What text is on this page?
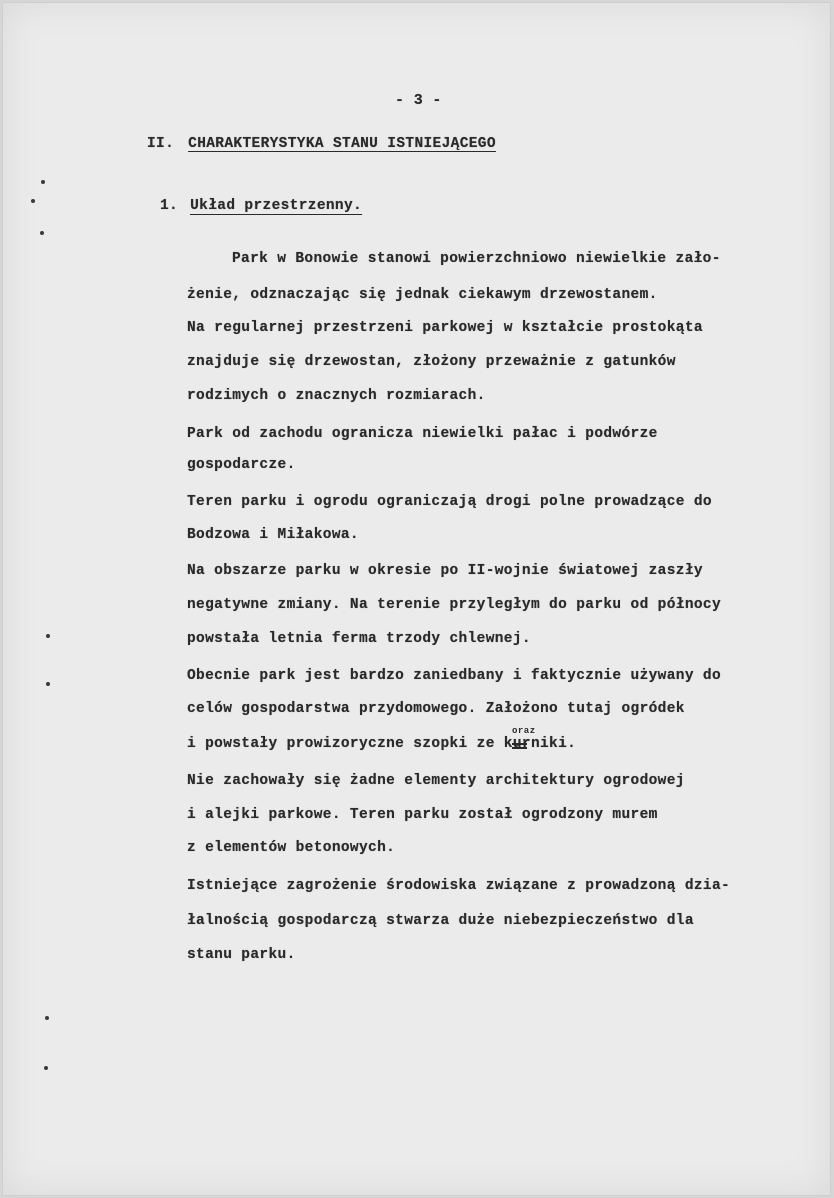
- 3 -
II. CHARAKTERYSTYKA STANU ISTNIEJĄCEGO
1. Układ przestrzenny.
Park w Bonowie stanowi powierzchniowo niewielkie zało-
żenie, odznaczając się jednak ciekawym drzewostanem.
Na regularnej przestrzeni parkowej w kształcie prostokąta
znajduje się drzewostan, złożony przeważnie z gatunków
rodzimych o znacznych rozmiarach.
Park od zachodu ogranicza niewielki pałac i podwórze
gospodarcze.
Teren parku i ogrodu ograniczają drogi polne prowadzące do
Bodzowa i Miłakowa.
Na obszarze parku w okresie po II-wojnie światowej zaszły
negatywne zmiany. Na terenie przyległym do parku od północy
powstała letnia ferma trzody chlewnej.
Obecnie park jest bardzo zaniedbany i faktycznie używany do
celów gospodarstwa przydomowego. Założono tutaj ogródek
i powstały prowizoryczne szopki ze kurniki.
Nie zachowały się żadne elementy architektury ogrodowej
i alejki parkowe. Teren parku został ogrodzony murem
z elementów betonowych.
Istniejące zagrożenie środowiska związane z prowadzoną dzia-
łalnością gospodarczą stwarza duże niebezpieczeństwo dla
stanu parku.
oraz
